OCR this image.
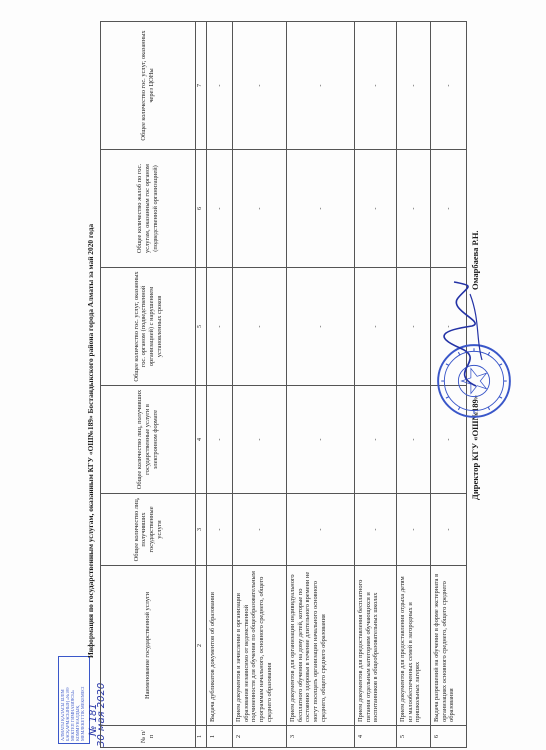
АЛМАТЫ ҚАЛАСЫ БІЛІМ БАСҚАРМАСЫНЫҢ «№189 МЕКТЕП ГИМНАЗИЯСЫ» КОММУНАЛДЫҚ МЕМЛЕКЕТТІК МЕКЕМЕСІ № 181
30 мая 2020
Информация по государственным услугам, оказанным КГУ «ОШ№189» Бостандыкского района города Алматы за май 2020 года
№ п/п	Наименование государственной услуги	Общее количество лиц, получивших государственные услуги	Общее количество лиц, получивших государственные услуги в электронном формате	Общее количество гос. услуг, оказанных гос. органом (подведственной организацией) с нарушением установленных сроков	Общее количество жалоб по гос. услугам, оказанным гос органом (подведственной организацией)	Общее количество гос. услуг, оказанных через ЦОНы
1	2	3	4	5	6	7
1	Выдача дубликатов документов об образовании	-	-	-	-	-
2	Прием документов и зачисление в организации образования независимо от ведомственной подчиненности для обучения по общеобразовательным программам начального, основного среднего, общего среднего образования	-	-	-	-	-
3	Прием документов для организации индивидуального бесплатного обучения на дому детей, которые по состоянию здоровья в течение длительного времени не могут посещать организации начального основного среднего, общего среднего образования	-	-	-	-	-
4	Прием документов для предоставления бесплатного питания отдельным категориям обучающихся и воспитанников в общеобразовательных школах	-	-	-	-	-
5	Прием документов для предоставления отдыха детям из малообеспеченных семей в загородных и пришкольных лагерях	-	-	-	-	-
6	Выдача разрешений на обучение в форме экстерната в организациях основного среднего, общего среднего образования	-	-	-	-	-
Директор КГУ «ОШ№189»
Омарбаева Р.Н.
